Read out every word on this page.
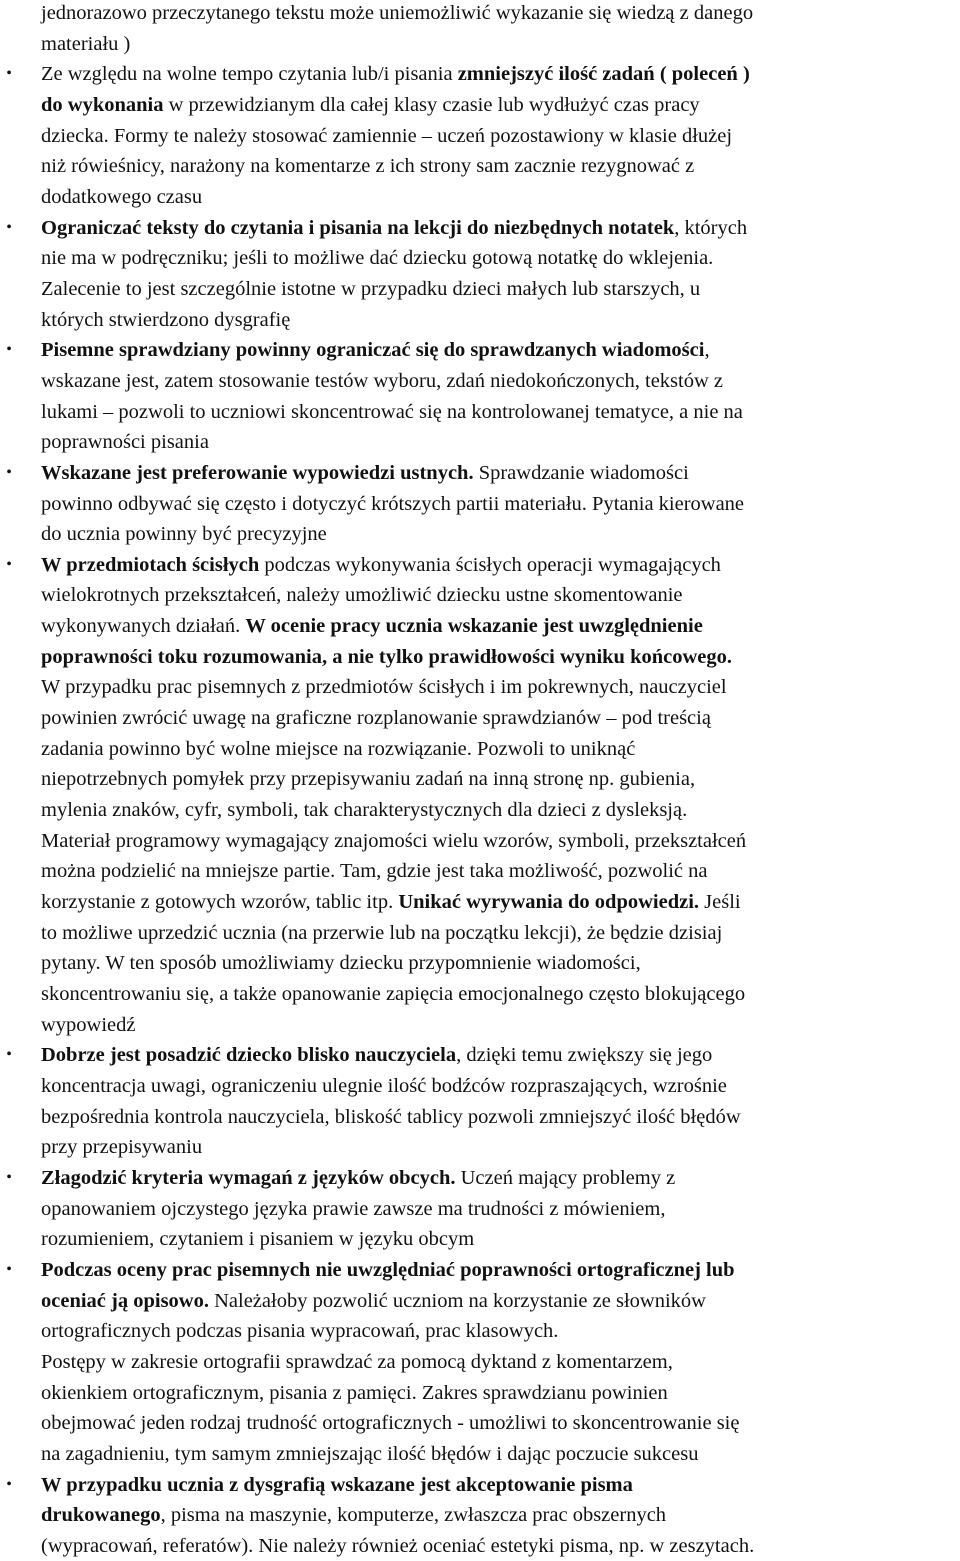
jednorazowo przeczytanego tekstu może uniemożliwić wykazanie się wiedzą z danego
materiału )
• Ze względu na wolne tempo czytania lub/i pisania zmniejszyć ilość zadań ( poleceń )
do wykonania w przewidzianym dla całej klasy czasie lub wydłużyć czas pracy
dziecka. Formy te należy stosować zamiennie – uczeń pozostawiony w klasie dłużej
niż rówieśnicy, narażony na komentarze z ich strony sam zacznie rezygnować z
dodatkowego czasu
• Ograniczać teksty do czytania i pisania na lekcji do niezbędnych notatek, których
nie ma w podręczniku; jeśli to możliwe dać dziecku gotową notatkę do wklejenia.
Zalecenie to jest szczególnie istotne w przypadku dzieci małych lub starszych, u
których stwierdzono dysgrafię
• Pisemne sprawdziany powinny ograniczać się do sprawdzanych wiadomości,
wskazane jest, zatem stosowanie testów wyboru, zdań niedokończonych, tekstów z
lukami – pozwoli to uczniowi skoncentrować się na kontrolowanej tematyce, a nie na
poprawności pisania
• Wskazane jest preferowanie wypowiedzi ustnych. Sprawdzanie wiadomości
powinno odbywać się często i dotyczyć krótszych partii materiału. Pytania kierowane
do ucznia powinny być precyzyjne
• W przedmiotach ścisłych podczas wykonywania ścisłych operacji wymagających
wielokrotnych przekształceń, należy umożliwić dziecku ustne skomentowanie
wykonywanych działań. W ocenie pracy ucznia wskazanie jest uwzględnienie
poprawności toku rozumowania, a nie tylko prawidłowości wyniku końcowego.
W przypadku prac pisemnych z przedmiotów ścisłych i im pokrewnych, nauczyciel
powinien zwrócić uwagę na graficzne rozplanowanie sprawdzianów – pod treścią
zadania powinno być wolne miejsce na rozwiązanie. Pozwoli to uniknąć
niepotrzebnych pomyłek przy przepisywaniu zadań na inną stronę np. gubienia,
mylenia znaków, cyfr, symboli, tak charakterystycznych dla dzieci z dysleksją.
Materiał programowy wymagający znajomości wielu wzorów, symboli, przekształceń
można podzielić na mniejsze partie. Tam, gdzie jest taka możliwość, pozwolić na
korzystanie z gotowych wzorów, tablic itp. Unikać wyrywania do odpowiedzi. Jeśli
to możliwe uprzedzić ucznia (na przerwie lub na początku lekcji), że będzie dzisiaj
pytany. W ten sposób umożliwiamy dziecku przypomnienie wiadomości,
skoncentrowaniu się, a także opanowanie zapięcia emocjonalnego często blokującego
wypowiedź
• Dobrze jest posadzić dziecko blisko nauczyciela, dzięki temu zwiększy się jego
koncentracja uwagi, ograniczeniu ulegnie ilość bodźców rozpraszających, wzrośnie
bezpośrednia kontrola nauczyciela, bliskość tablicy pozwoli zmniejszyć ilość błędów
przy przepisywaniu
• Złagodzić kryteria wymagań z języków obcych. Uczeń mający problemy z
opanowaniem ojczystego języka prawie zawsze ma trudności z mówieniem,
rozumieniem, czytaniem i pisaniem w języku obcym
• Podczas oceny prac pisemnych nie uwzględniać poprawności ortograficznej lub
oceniać ją opisowo. Należałoby pozwolić uczniom na korzystanie ze słowników
ortograficznych podczas pisania wypracowań, prac klasowych.
Postępy w zakresie ortografii sprawdzać za pomocą dyktand z komentarzem,
okienkiem ortograficznym, pisania z pamięci. Zakres sprawdzianu powinien
obejmować jeden rodzaj trudność ortograficznych - umożliwi to skoncentrowanie się
na zagadnieniu, tym samym zmniejszając ilość błędów i dając poczucie sukcesu
• W przypadku ucznia z dysgrafią wskazane jest akceptowanie pisma
drukowanego, pisma na maszynie, komputerze, zwłaszcza prac obszernych
(wypracowań, referatów). Nie należy również oceniać estetyki pisma, np. w zeszytach.
